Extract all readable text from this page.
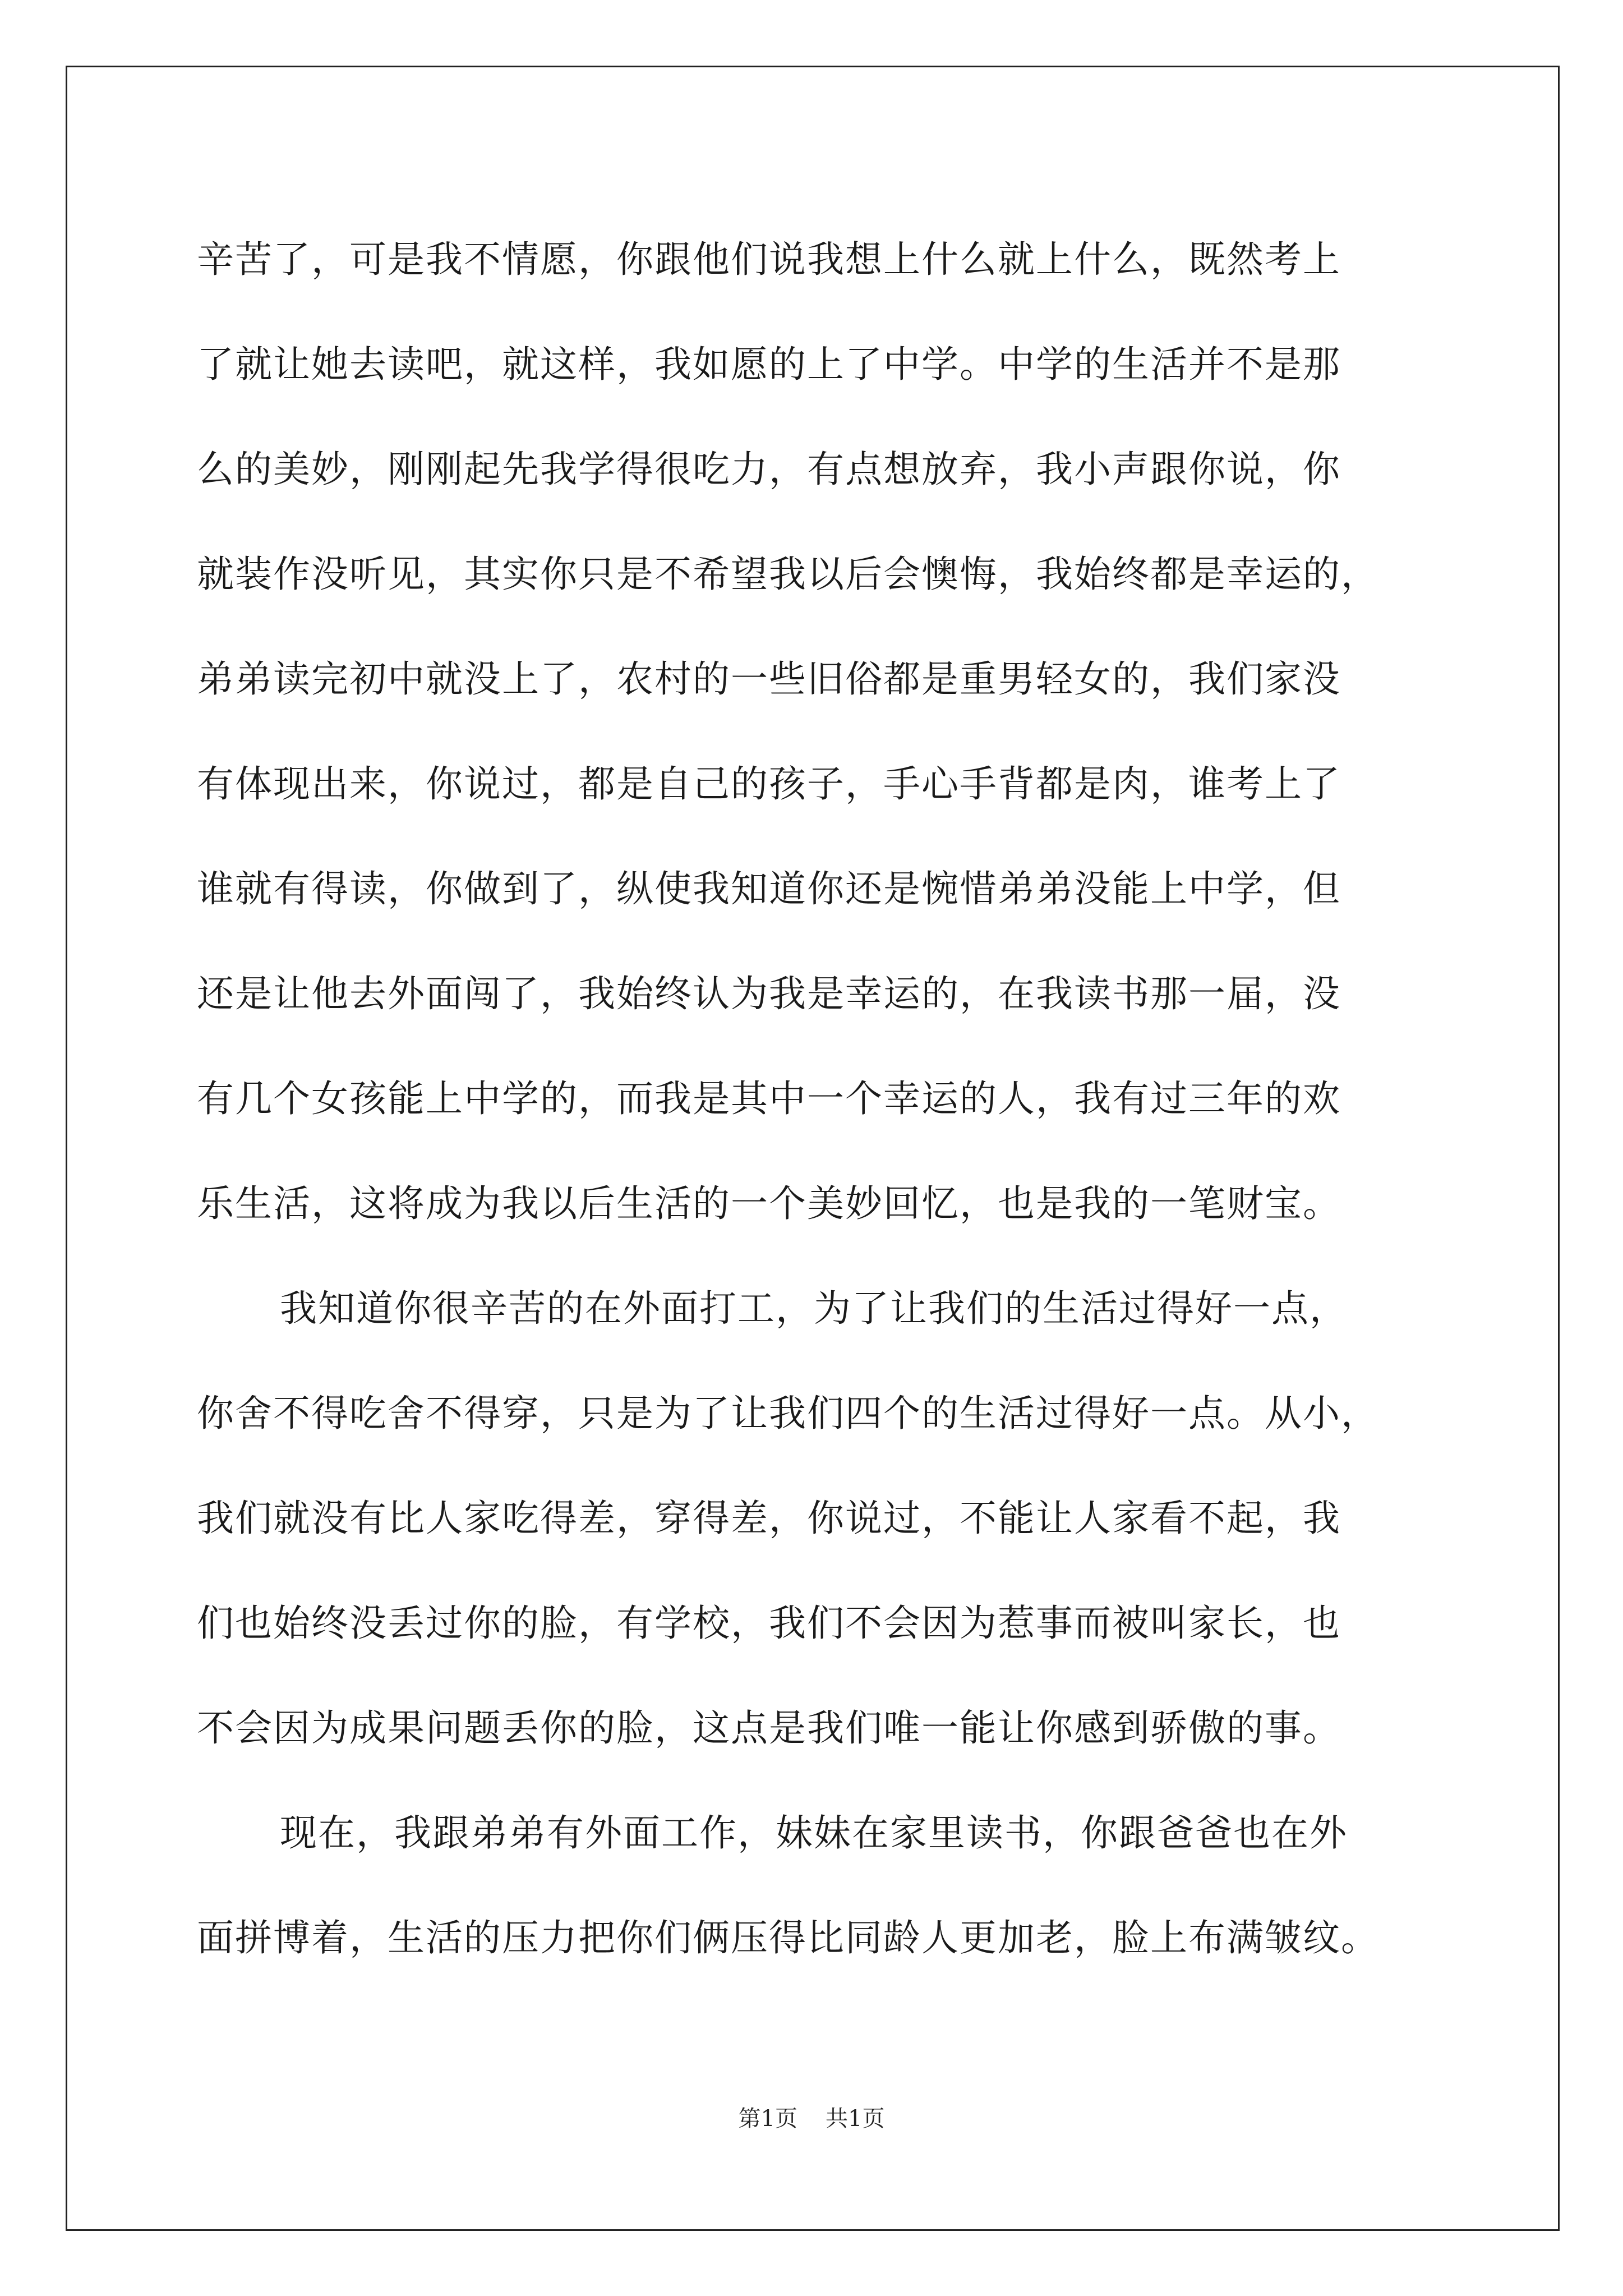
辛苦了，可是我不情愿，你跟他们说我想上什么就上什么，既然考上
了就让她去读吧，就这样，我如愿的上了中学。中学的生活并不是那
么的美妙，刚刚起先我学得很吃力，有点想放弃，我小声跟你说，你
就装作没听见，其实你只是不希望我以后会懊悔，我始终都是幸运的，
弟弟读完初中就没上了，农村的一些旧俗都是重男轻女的，我们家没
有体现出来，你说过，都是自己的孩子，手心手背都是肉，谁考上了
谁就有得读，你做到了，纵使我知道你还是惋惜弟弟没能上中学，但
还是让他去外面闯了，我始终认为我是幸运的，在我读书那一届，没
有几个女孩能上中学的，而我是其中一个幸运的人，我有过三年的欢
乐生活，这将成为我以后生活的一个美妙回忆，也是我的一笔财宝。

我知道你很辛苦的在外面打工，为了让我们的生活过得好一点，
你舍不得吃舍不得穿，只是为了让我们四个的生活过得好一点。从小，
我们就没有比人家吃得差，穿得差，你说过，不能让人家看不起，我
们也始终没丢过你的脸，有学校，我们不会因为惹事而被叫家长，也
不会因为成果问题丢你的脸，这点是我们唯一能让你感到骄傲的事。

现在，我跟弟弟有外面工作，妹妹在家里读书，你跟爸爸也在外
面拼博着，生活的压力把你们俩压得比同龄人更加老，脸上布满皱纹。

第1页 共1页
